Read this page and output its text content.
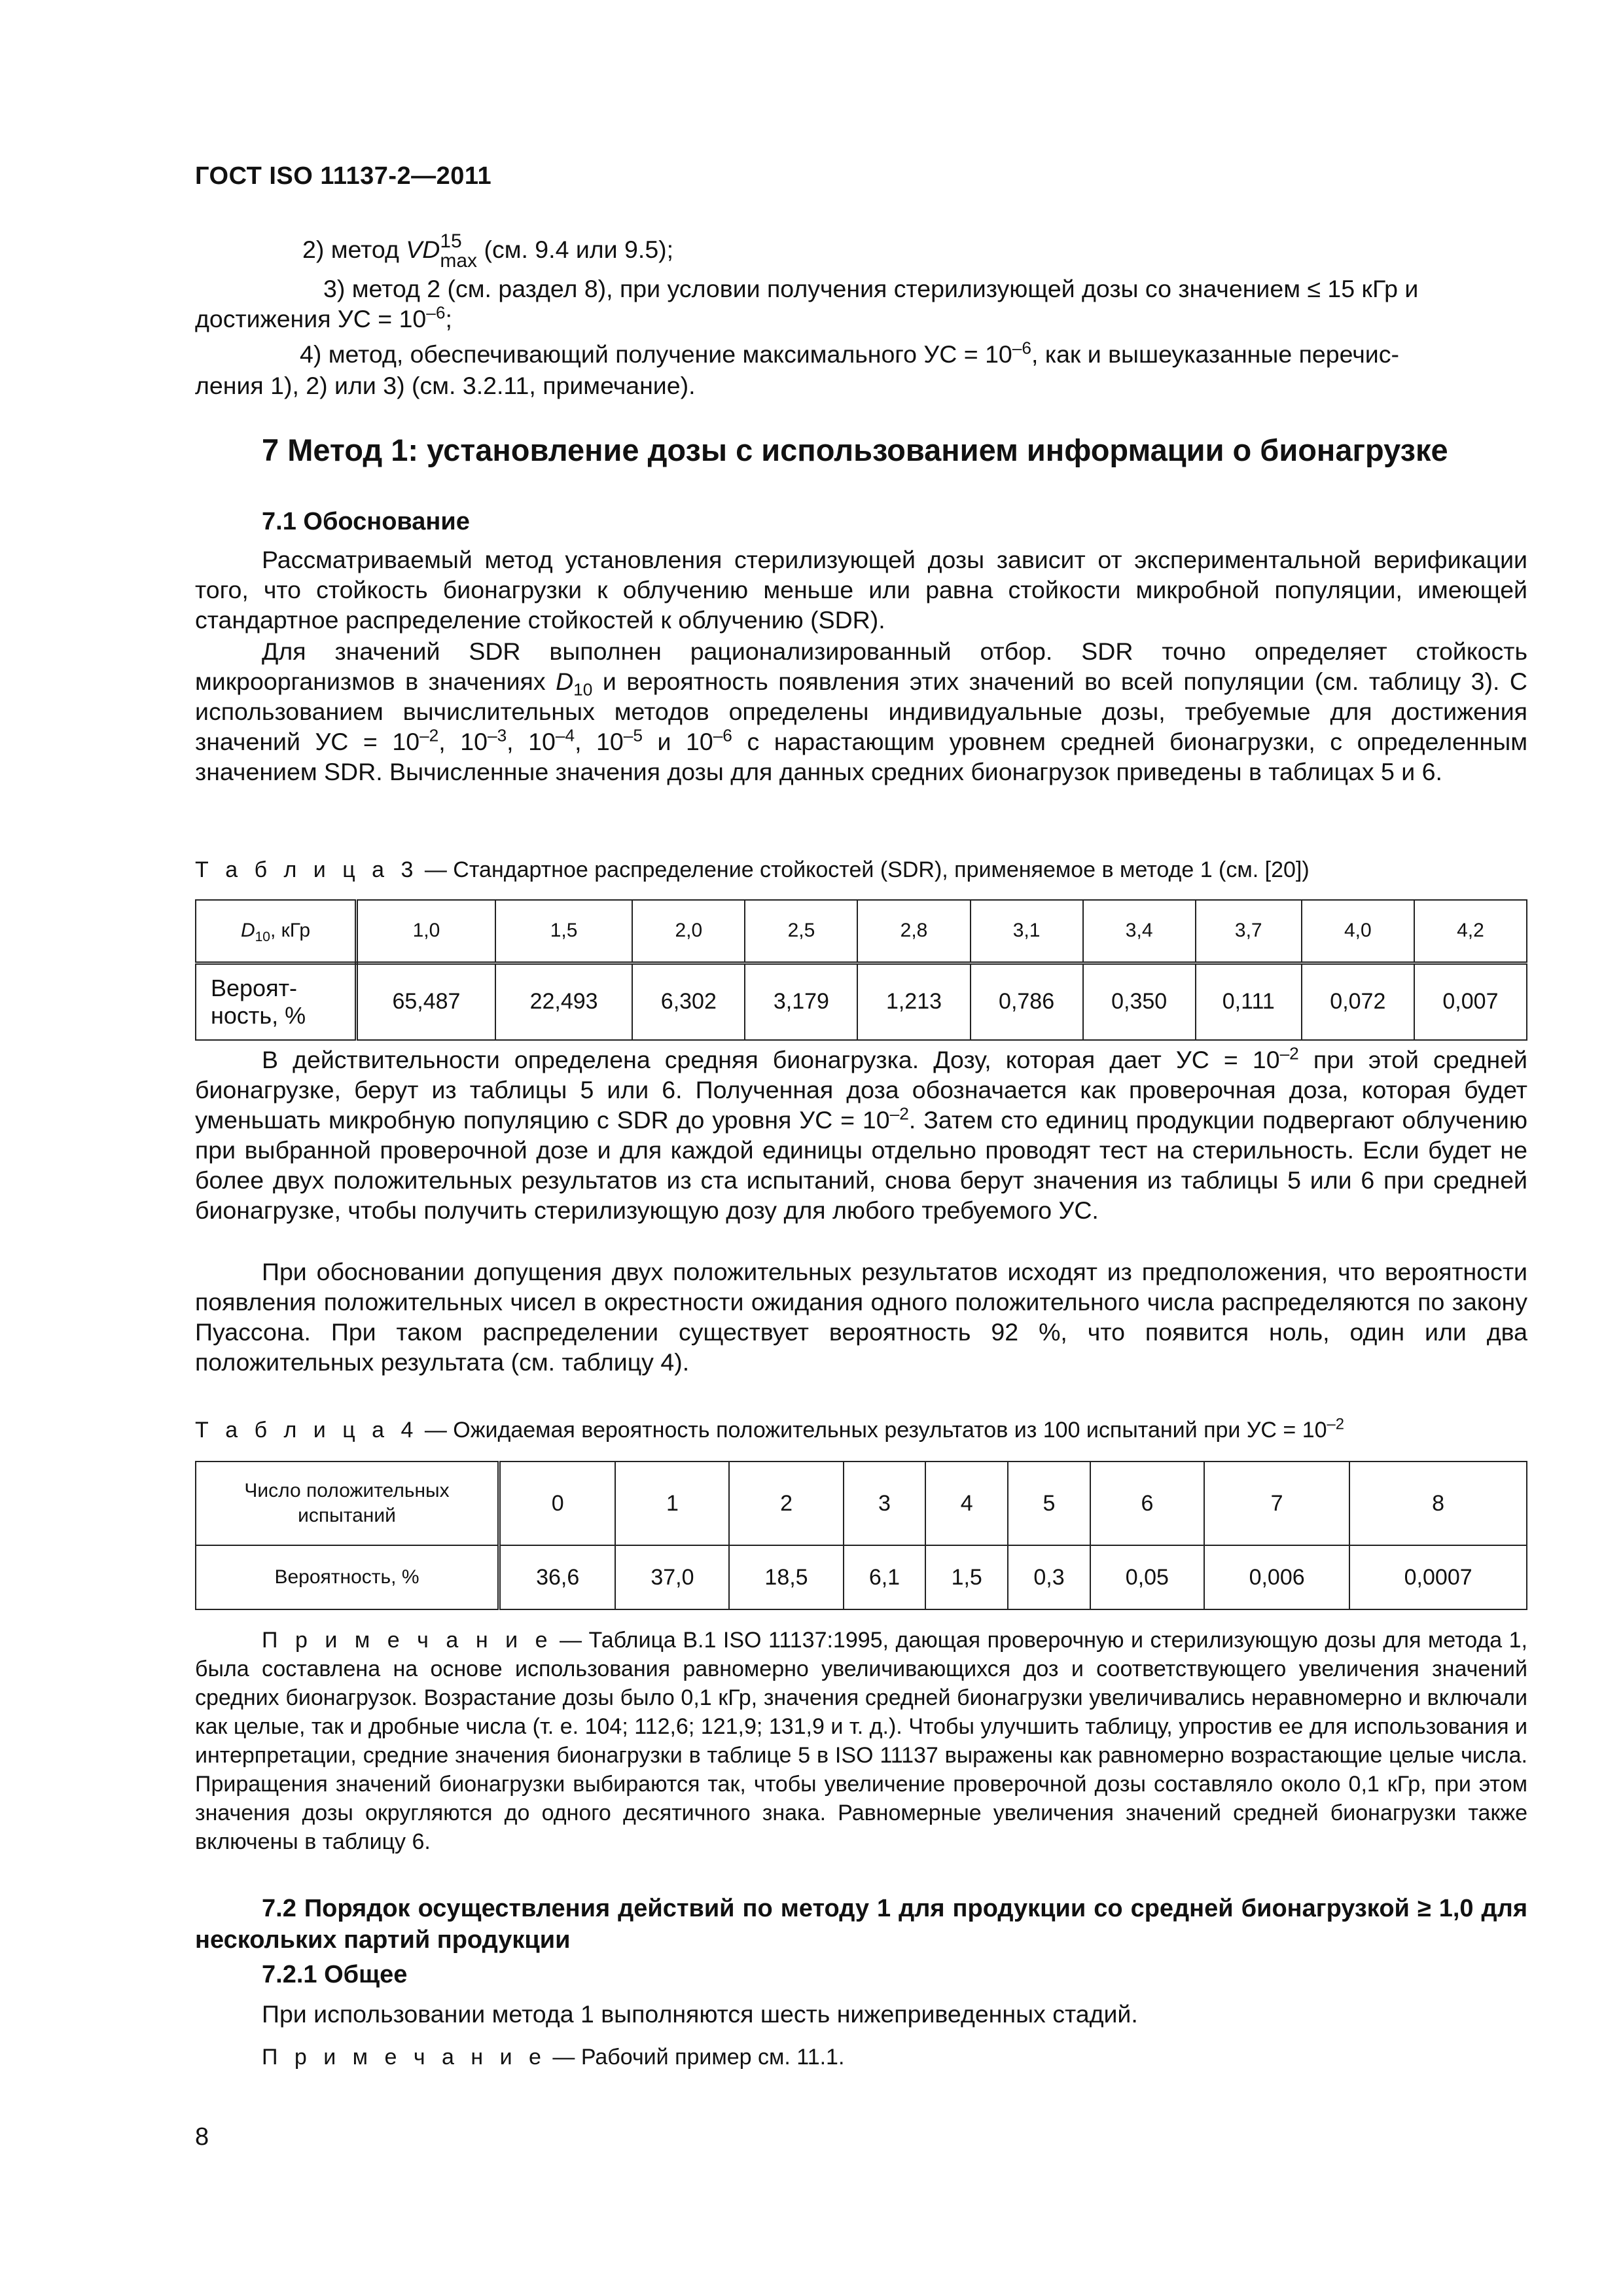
ГОСТ ISO 11137-2—2011
2) метод VD 15
max (см. 9.4 или 9.5);
3) метод 2 (см. раздел 8), при условии получения стерилизующей дозы со значением ≤ 15 кГр и
достижения УС = $10^{-6}$;
4) метод, обеспечивающий получение максимального УС = $10^{-6}$, как и вышеуказанные перечис-
ления 1), 2) или 3) (см. 3.2.11, примечание).
7 Метод 1: установление дозы с использованием информации о бионагрузке
7.1 Обоснование
Рассматриваемый метод установления стерилизующей дозы зависит от экспериментальной верификации того, что стойкость бионагрузки к облучению меньше или равна стойкости микробной популяции, имеющей стандартное распределение стойкостей к облучению (SDR).
Для значений SDR выполнен рационализированный отбор. SDR точно определяет стойкость микроорганизмов в значениях $D_{10}$ и вероятность появления этих значений во всей популяции (см. таблицу 3). С использованием вычислительных методов определены индивидуальные дозы, требуемые для достижения значений УС = $10^{-2}$, $10^{-3}$, $10^{-4}$, $10^{-5}$ и $10^{-6}$ с нарастающим уровнем средней бионагрузки, с определенным значением SDR. Вычисленные значения дозы для данных средних бионагрузок приведены в таблицах 5 и 6.
Т а б л и ц а 3 — Стандартное распределение стойкостей (SDR), применяемое в методе 1 (см. [20])
$D_{10}$, кГр	1,0	1,5	2,0	2,5	2,8	3,1	3,4	3,7	4,0	4,2
Вероят-ность, %	65,487	22,493	6,302	3,179	1,213	0,786	0,350	0,111	0,072	0,007
В действительности определена средняя бионагрузка. Дозу, которая дает УС = $10^{-2}$ при этой средней бионагрузке, берут из таблицы 5 или 6. Полученная доза обозначается как проверочная доза, которая будет уменьшать микробную популяцию с SDR до уровня УС = $10^{-2}$. Затем сто единиц продукции подвергают облучению при выбранной проверочной дозе и для каждой единицы отдельно проводят тест на стерильность. Если будет не более двух положительных результатов из ста испытаний, снова берут значения из таблицы 5 или 6 при средней бионагрузке, чтобы получить стерилизующую дозу для любого требуемого УС.
При обосновании допущения двух положительных результатов исходят из предположения, что вероятности появления положительных чисел в окрестности ожидания одного положительного числа распределяются по закону Пуассона. При таком распределении существует вероятность 92 %, что появится ноль, один или два положительных результата (см. таблицу 4).
Т а б л и ц а 4 — Ожидаемая вероятность положительных результатов из 100 испытаний при УС = $10^{-2}$
Число положительных испытаний	0	1	2	3	4	5	6	7	8
Вероятность, %	36,6	37,0	18,5	6,1	1,5	0,3	0,05	0,006	0,0007
П р и м е ч а н и е — Таблица B.1 ISO 11137:1995, дающая проверочную и стерилизующую дозы для метода 1, была составлена на основе использования равномерно увеличивающихся доз и соответствующего увеличения значений средних бионагрузок. Возрастание дозы было 0,1 кГр, значения средней бионагрузки увеличивались неравномерно и включали как целые, так и дробные числа (т. е. 104; 112,6; 121,9; 131,9 и т. д.). Чтобы улучшить таблицу, упростив ее для использования и интерпретации, средние значения бионагрузки в таблице 5 в ISO 11137 выражены как равномерно возрастающие целые числа. Приращения значений бионагрузки выбираются так, чтобы увеличение проверочной дозы составляло около 0,1 кГр, при этом значения дозы округляются до одного десятичного знака. Равномерные увеличения значений средней бионагрузки также включены в таблицу 6.
7.2 Порядок осуществления действий по методу 1 для продукции со средней бионагрузкой ≥ 1,0 для нескольких партий продукции
7.2.1 Общее
При использовании метода 1 выполняются шесть нижеприведенных стадий.
П р и м е ч а н и е — Рабочий пример см. 11.1.
8
